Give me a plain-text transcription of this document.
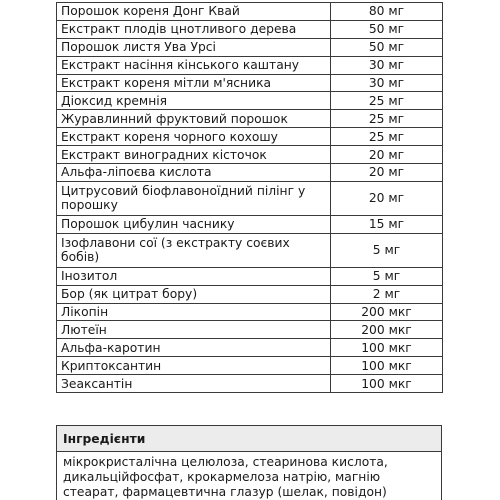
Порошок кореня Донг Квай	80 мг
Екстракт плодів цнотливого дерева	50 мг
Порошок листя Ува Урсі	50 мг
Екстракт насіння кінського каштану	30 мг
Екстракт кореня мітли м'ясника	30 мг
Діоксид кремнія	25 мг
Журавлинний фруктовий порошок	25 мг
Екстракт кореня чорного кохошу	25 мг
Екстракт виноградних кісточок	20 мг
Альфа-ліпоєва кислота	20 мг
Цитрусовий біофлавоноїдний пілінг у порошку	20 мг
Порошок цибулин часнику	15 мг
Ізофлавони сої (з екстракту соєвих бобів)	5 мг
Інозитол	5 мг
Бор (як цитрат бору)	2 мг
Лікопін	200 мкг
Лютеїн	200 мкг
Альфа-каротин	100 мкг
Криптоксантин	100 мкг
Зеаксантін	100 мкг
Інгредієнти
мікрокристалічна целюлоза, стеаринова кислота, дикальційфосфат, крокармелоза натрію, магнію стеарат, фармацевтична глазур (шелак, повідон)
